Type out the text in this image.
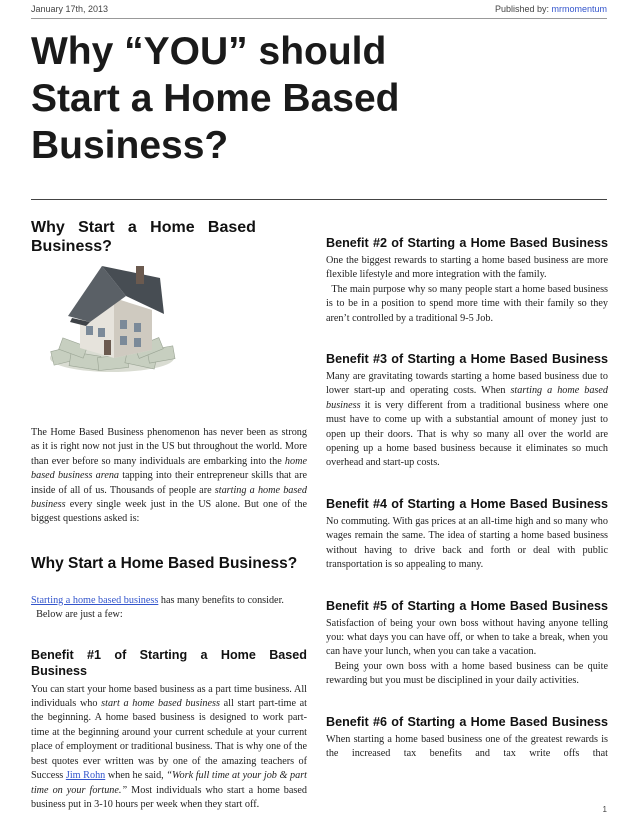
January 17th, 2013	Published by: mrmomentum
Why “YOU” should
Start a Home Based
Business?
Why   Start   a   Home   Based
Business?

The Home Based Business phenomenon has never been as strong as it is right now not just in the US but throughout the world. More than ever before so many individuals are embarking into the home based business arena tapping into their entrepreneur skills that are inside of all of us. Thousands of people are starting a home based business every single week just in the US alone. But one of the biggest questions asked is:

Why Start a Home Based Business?

Starting a home based business has many benefits to consider.
Below are just a few:

Benefit #1 of Starting a Home Based Business

You can start your home based business as a part time business. All individuals who start a home based business all start part-time at the beginning. A home based business is designed to work part-time at the beginning around your current schedule at your current place of employment or traditional business. That is why one of the best quotes ever written was by one of the amazing teachers of Success Jim Rohn when he said, “Work full time at your job & part time on your fortune.” Most individuals who start a home based business put in 3-10 hours per week when they start off.

Benefit #2 of Starting a Home Based Business

One the biggest rewards to starting a home based business are more flexible lifestyle and more integration with the family.
The main purpose why so many people start a home based business is to be in a position to spend more time with their family so they aren’t controlled by a traditional 9-5 Job.

Benefit #3 of Starting a Home Based Business

Many are gravitating towards starting a home based business due to lower start-up and operating costs. When starting a home based business it is very different from a traditional business where one must have to come up with a substantial amount of money just to open up their doors. That is why so many all over the world are opening up a home based business because it eliminates so much overhead and start-up costs.

Benefit #4 of Starting a Home Based Business

No commuting. With gas prices at an all-time high and so many who wages remain the same. The idea of starting a home based business without having to drive back and forth or deal with public transportation is so appealing to many.

Benefit #5 of Starting a Home Based Business

Satisfaction of being your own boss without having anyone telling you: what days you can have off, or when to take a break, when you can have your lunch, when you can take a vacation.
Being your own boss with a home based business can be quite rewarding but you must be disciplined in your daily activities.

Benefit #6 of Starting a Home Based Business

When starting a home based business one of the greatest rewards is the increased tax benefits and tax write offs that

1
